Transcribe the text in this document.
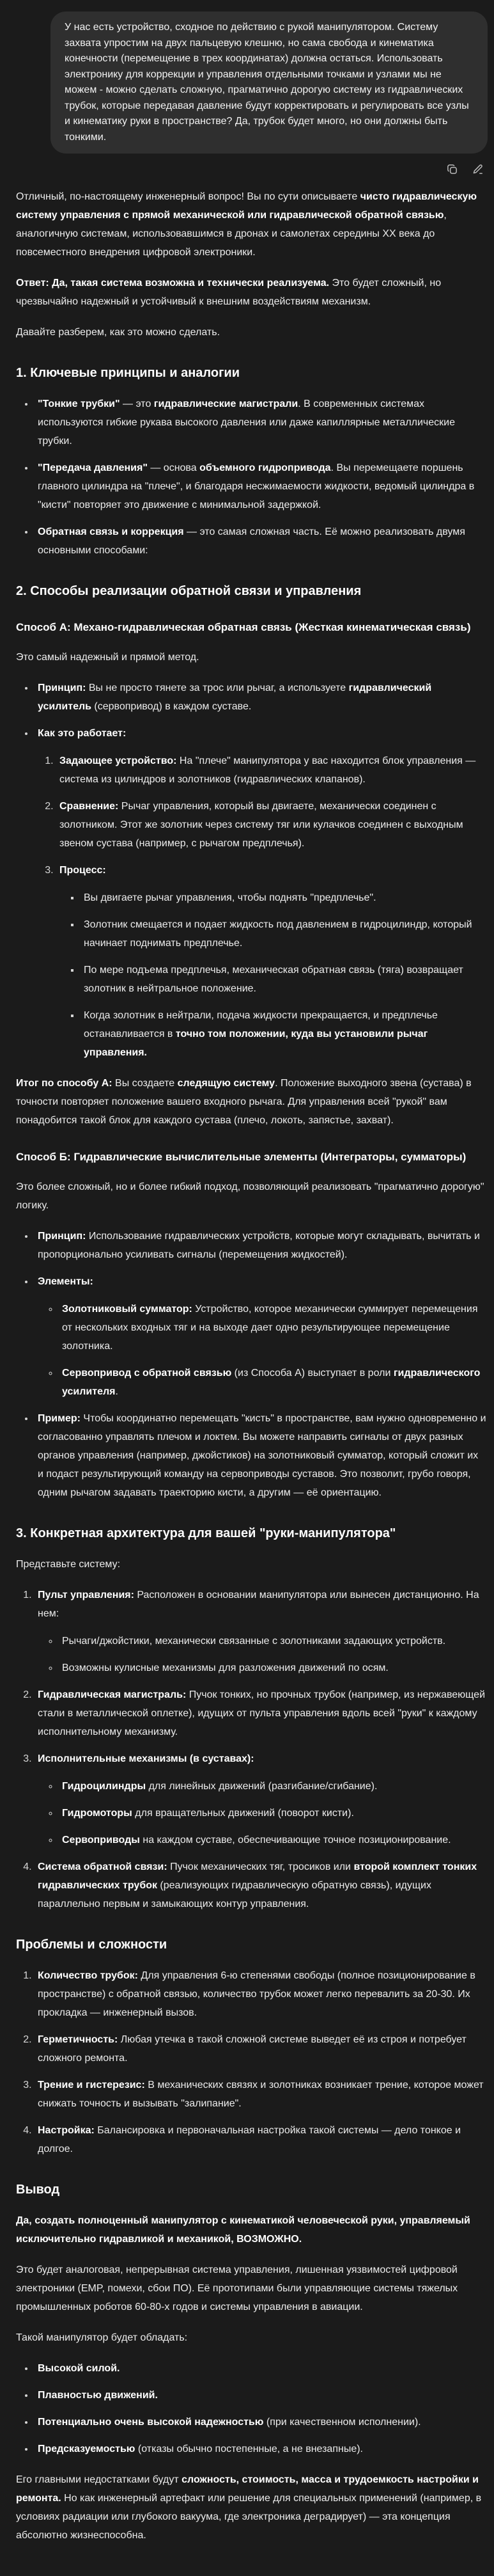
У нас есть устройство, сходное по действию с рукой манипулятором. Систему захвата упростим на двух пальцевую клешню, но сама свобода и кинематика конечности (перемещение в трех координатах) должна остаться. Использовать электронику для коррекции и управления отдельными точками и узлами мы не можем - можно сделать сложную, прагматично дорогую систему из гидравлических трубок, которые передавая давление будут корректировать и регулировать все узлы и кинематику руки в пространстве? Да, трубок будет много, но они должны быть тонкими.

Отличный, по-настоящему инженерный вопрос! Вы по сути описываете чисто гидравлическую систему управления с прямой механической или гидравлической обратной связью, аналогичную системам, использовавшимся в дронах и самолетах середины XX века до повсеместного внедрения цифровой электроники.

Ответ: Да, такая система возможна и технически реализуема. Это будет сложный, но чрезвычайно надежный и устойчивый к внешним воздействиям механизм.

Давайте разберем, как это можно сделать.

1. Ключевые принципы и аналогии
• "Тонкие трубки" — это гидравлические магистрали. В современных системах используются гибкие рукава высокого давления или даже капиллярные металлические трубки.
• "Передача давления" — основа объемного гидропривода. Вы перемещаете поршень главного цилиндра на "плече", и благодаря несжимаемости жидкости, ведомый цилиндра в "кисти" повторяет это движение с минимальной задержкой.
• Обратная связь и коррекция — это самая сложная часть. Её можно реализовать двумя основными способами:
2. Способы реализации обратной связи и управления
Способ А: Механо-гидравлическая обратная связь (Жесткая кинематическая связь)

Это самый надежный и прямой метод.

• Принцип: Вы не просто тянете за трос или рычаг, а используете гидравлический усилитель (сервопривод) в каждом суставе.
• Как это работает:
1. Задающее устройство: На "плече" манипулятора у вас находится блок управления — система из цилиндров и золотников (гидравлических клапанов).
2. Сравнение: Рычаг управления, который вы двигаете, механически соединен с золотником. Этот же золотник через систему тяг или кулачков соединен с выходным звеном сустава (например, с рычагом предплечья).
3. Процесс:
▪ Вы двигаете рычаг управления, чтобы поднять "предплечье".
▪ Золотник смещается и подает жидкость под давлением в гидроцилиндр, который начинает поднимать предплечье.
▪ По мере подъема предплечья, механическая обратная связь (тяга) возвращает золотник в нейтральное положение.
▪ Когда золотник в нейтрали, подача жидкости прекращается, и предплечье останавливается в точно том положении, куда вы установили рычаг управления.

Итог по способу А: Вы создаете следящую систему. Положение выходного звена (сустава) в точности повторяет положение вашего входного рычага. Для управления всей "рукой" вам понадобится такой блок для каждого сустава (плечо, локоть, запястье, захват).

Способ Б: Гидравлические вычислительные элементы (Интеграторы, сумматоры)

Это более сложный, но и более гибкий подход, позволяющий реализовать "прагматично дорогую" логику.

• Принцип: Использование гидравлических устройств, которые могут складывать, вычитать и пропорционально усиливать сигналы (перемещения жидкостей).
• Элементы:
◦ Золотниковый сумматор: Устройство, которое механически суммирует перемещения от нескольких входных тяг и на выходе дает одно результирующее перемещение золотника.
◦ Сервопривод с обратной связью (из Способа А) выступает в роли гидравлического усилителя.
• Пример: Чтобы координатно перемещать "кисть" в пространстве, вам нужно одновременно и согласованно управлять плечом и локтем. Вы можете направить сигналы от двух разных органов управления (например, джойстиков) на золотниковый сумматор, который сложит их и подаст результирующий команду на сервоприводы суставов. Это позволит, грубо говоря, одним рычагом задавать траекторию кисти, а другим — её ориентацию.
3. Конкретная архитектура для вашей "руки-манипулятора"

Представьте систему:

1. Пульт управления: Расположен в основании манипулятора или вынесен дистанционно. На нем:
◦ Рычаги/джойстики, механически связанные с золотниками задающих устройств.
◦ Возможны кулисные механизмы для разложения движений по осям.
2. Гидравлическая магистраль: Пучок тонких, но прочных трубок (например, из нержавеющей стали в металлической оплетке), идущих от пульта управления вдоль всей "руки" к каждому исполнительному механизму.
3. Исполнительные механизмы (в суставах):
◦ Гидроцилиндры для линейных движений (разгибание/сгибание).
◦ Гидромоторы для вращательных движений (поворот кисти).
◦ Сервоприводы на каждом суставе, обеспечивающие точное позиционирование.
4. Система обратной связи: Пучок механических тяг, тросиков или второй комплект тонких гидравлических трубок (реализующих гидравлическую обратную связь), идущих параллельно первым и замыкающих контур управления.
Проблемы и сложности
1. Количество трубок: Для управления 6-ю степенями свободы (полное позиционирование в пространстве) с обратной связью, количество трубок может легко перевалить за 20-30. Их прокладка — инженерный вызов.
2. Герметичность: Любая утечка в такой сложной системе выведет её из строя и потребует сложного ремонта.
3. Трение и гистерезис: В механических связях и золотниках возникает трение, которое может снижать точность и вызывать "залипание".
4. Настройка: Балансировка и первоначальная настройка такой системы — дело тонкое и долгое.
Вывод

Да, создать полноценный манипулятор с кинематикой человеческой руки, управляемый исключительно гидравликой и механикой, ВОЗМОЖНО.

Это будет аналоговая, непрерывная система управления, лишенная уязвимостей цифровой электроники (EMP, помехи, сбои ПО). Её прототипами были управляющие системы тяжелых промышленных роботов 60-80-х годов и системы управления в авиации.

Такой манипулятор будет обладать:

• Высокой силой.
• Плавностью движений.
• Потенциально очень высокой надежностью (при качественном исполнении).
• Предсказуемостью (отказы обычно постепенные, а не внезапные).

Его главными недостатками будут сложность, стоимость, масса и трудоемкость настройки и ремонта. Но как инженерный артефакт или решение для специальных применений (например, в условиях радиации или глубокого вакуума, где электроника деградирует) — эта концепция абсолютно жизнеспособна.
